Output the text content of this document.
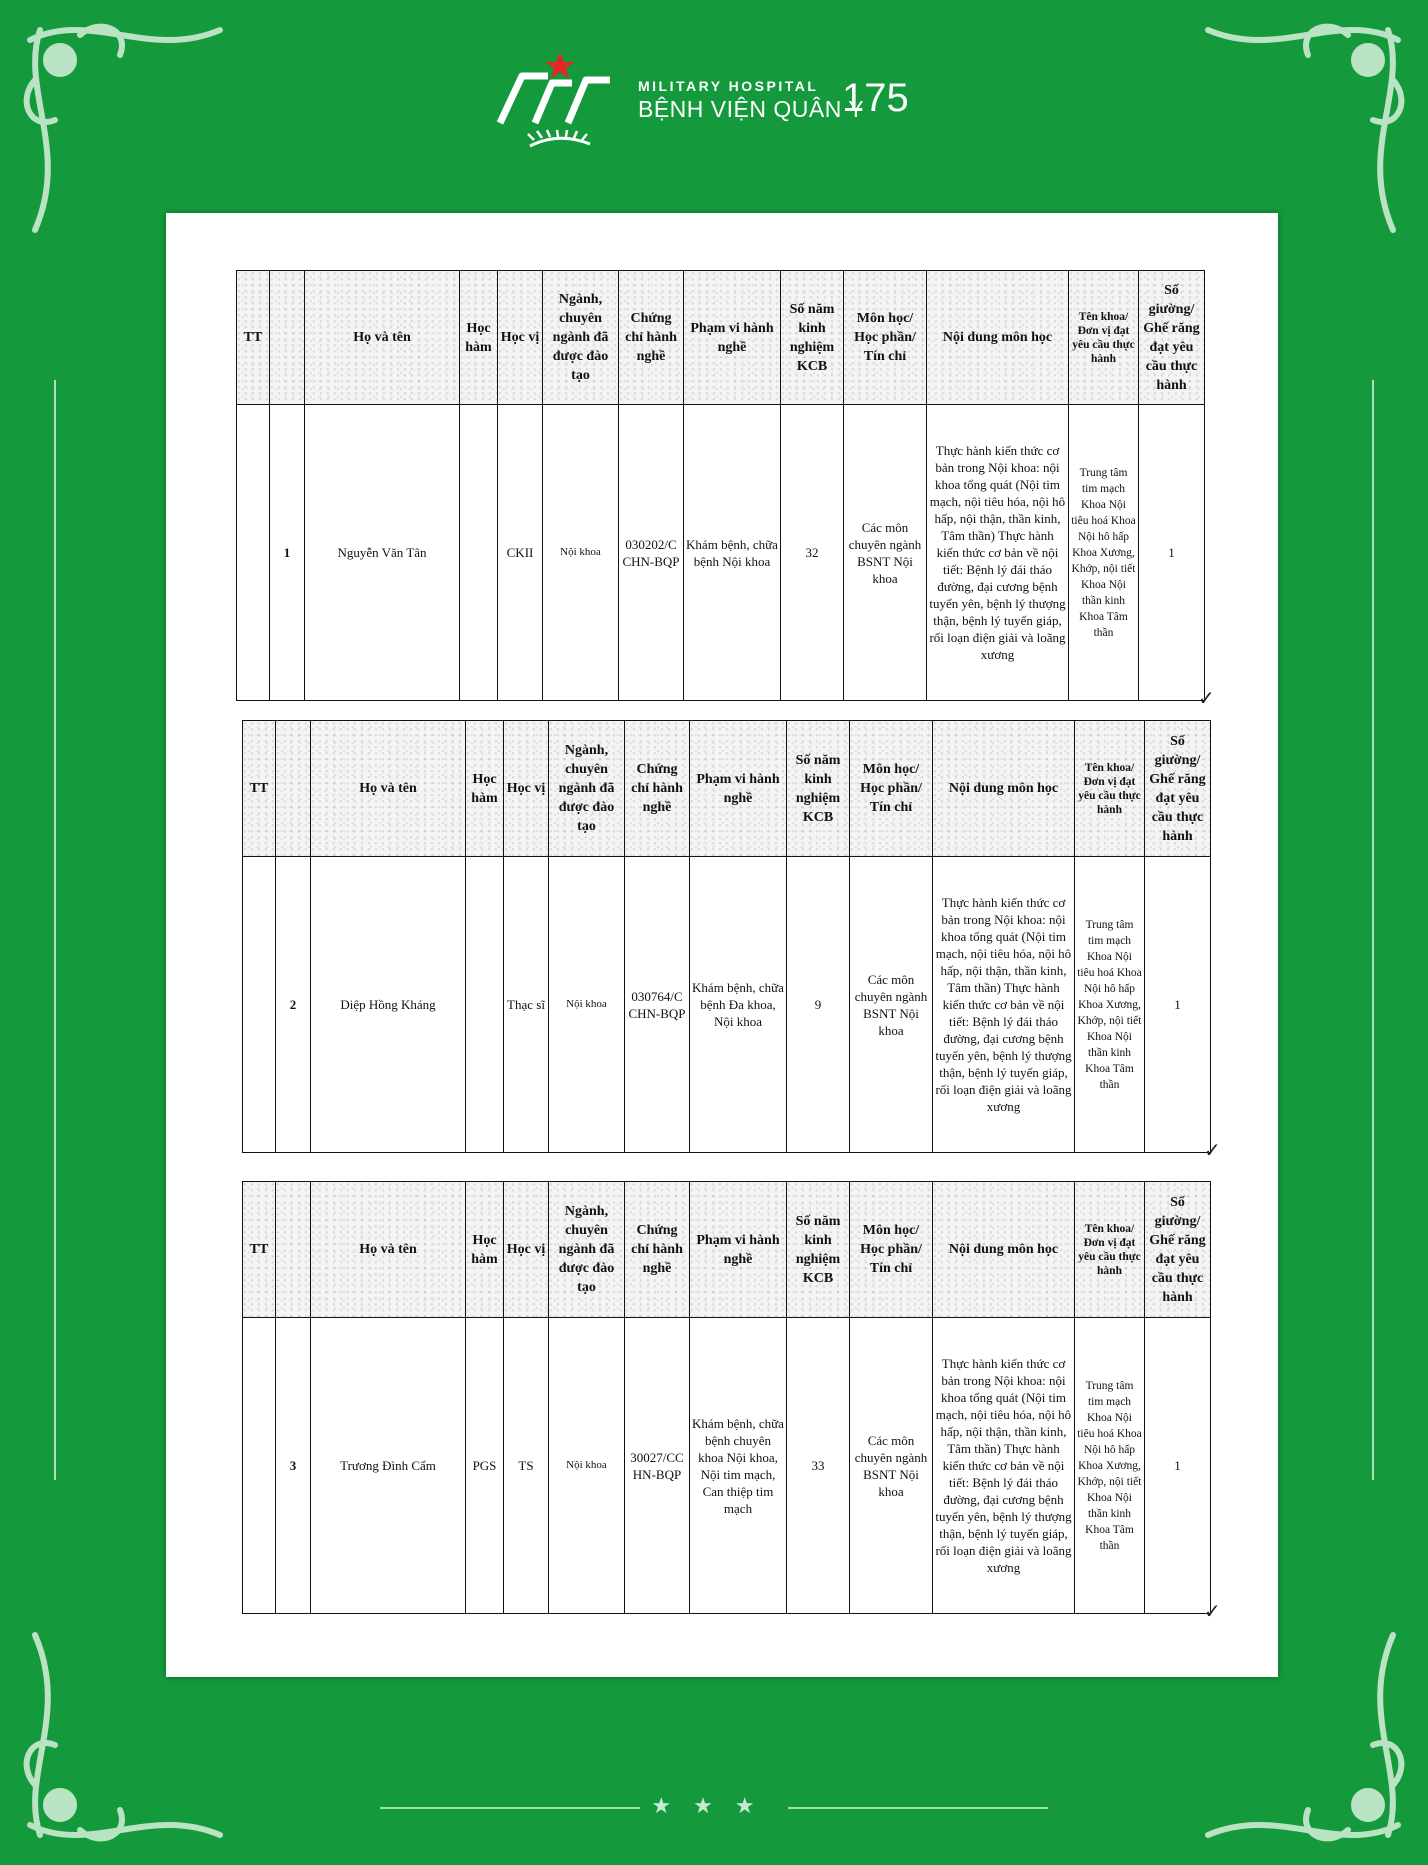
★★★
MILITARY HOSPITAL
BỆNH VIỆN QUÂN Y
175
TT		Họ và tên	Học hàm	Học vị	Ngành, chuyên ngành đã được đào tạo	Chứng chỉ hành nghề	Phạm vi hành nghề	Số năm kinh nghiệm KCB	Môn học/ Học phần/ Tín chỉ	Nội dung môn học	Tên khoa/ Đơn vị đạt yêu cầu thực hành	Số giường/ Ghế răng đạt yêu cầu thực hành
	1	Nguyễn Văn Tân		CKII	Nội khoa	030202/C CHN-BQP	Khám bệnh, chữa bệnh Nội khoa	32	Các môn chuyên ngành BSNT Nội khoa	Thực hành kiến thức cơ bản trong Nội khoa: nội khoa tổng quát (Nội tim mạch, nội tiêu hóa, nội hô hấp, nội thận, thần kinh, Tâm thần) Thực hành kiến thức cơ bản về nội tiết: Bệnh lý đái tháo đường, đại cương bệnh tuyến yên, bệnh lý thượng thận, bệnh lý tuyến giáp, rối loạn điện giải và loãng xương	Trung tâm tim mạch Khoa Nội tiêu hoá Khoa Nội hô hấp Khoa Xương, Khớp, nội tiết Khoa Nội thần kinh Khoa Tâm thần	1
✓
TT		Họ và tên	Học hàm	Học vị	Ngành, chuyên ngành đã được đào tạo	Chứng chỉ hành nghề	Phạm vi hành nghề	Số năm kinh nghiệm KCB	Môn học/ Học phần/ Tín chỉ	Nội dung môn học	Tên khoa/ Đơn vị đạt yêu cầu thực hành	Số giường/ Ghế răng đạt yêu cầu thực hành
	2	Diệp Hồng Kháng		Thạc sĩ	Nội khoa	030764/C CHN-BQP	Khám bệnh, chữa bệnh Đa khoa, Nội khoa	9	Các môn chuyên ngành BSNT Nội khoa	Thực hành kiến thức cơ bản trong Nội khoa: nội khoa tổng quát (Nội tim mạch, nội tiêu hóa, nội hô hấp, nội thận, thần kinh, Tâm thần) Thực hành kiến thức cơ bản về nội tiết: Bệnh lý đái tháo đường, đại cương bệnh tuyến yên, bệnh lý thượng thận, bệnh lý tuyến giáp, rối loạn điện giải và loãng xương	Trung tâm tim mạch Khoa Nội tiêu hoá Khoa Nội hô hấp Khoa Xương, Khớp, nội tiết Khoa Nội thần kinh Khoa Tâm thần	1
✓
TT		Họ và tên	Học hàm	Học vị	Ngành, chuyên ngành đã được đào tạo	Chứng chỉ hành nghề	Phạm vi hành nghề	Số năm kinh nghiệm KCB	Môn học/ Học phần/ Tín chỉ	Nội dung môn học	Tên khoa/ Đơn vị đạt yêu cầu thực hành	Số giường/ Ghế răng đạt yêu cầu thực hành
	3	Trương Đình Cẩm	PGS	TS	Nội khoa	30027/CC HN-BQP	Khám bệnh, chữa bệnh chuyên khoa Nội khoa, Nội tim mạch, Can thiệp tim mạch	33	Các môn chuyên ngành BSNT Nội khoa	Thực hành kiến thức cơ bản trong Nội khoa: nội khoa tổng quát (Nội tim mạch, nội tiêu hóa, nội hô hấp, nội thận, thần kinh, Tâm thần) Thực hành kiến thức cơ bản về nội tiết: Bệnh lý đái tháo đường, đại cương bệnh tuyến yên, bệnh lý thượng thận, bệnh lý tuyến giáp, rối loạn điện giải và loãng xương	Trung tâm tim mạch Khoa Nội tiêu hoá Khoa Nội hô hấp Khoa Xương, Khớp, nội tiết Khoa Nội thần kinh Khoa Tâm thần	1
✓
